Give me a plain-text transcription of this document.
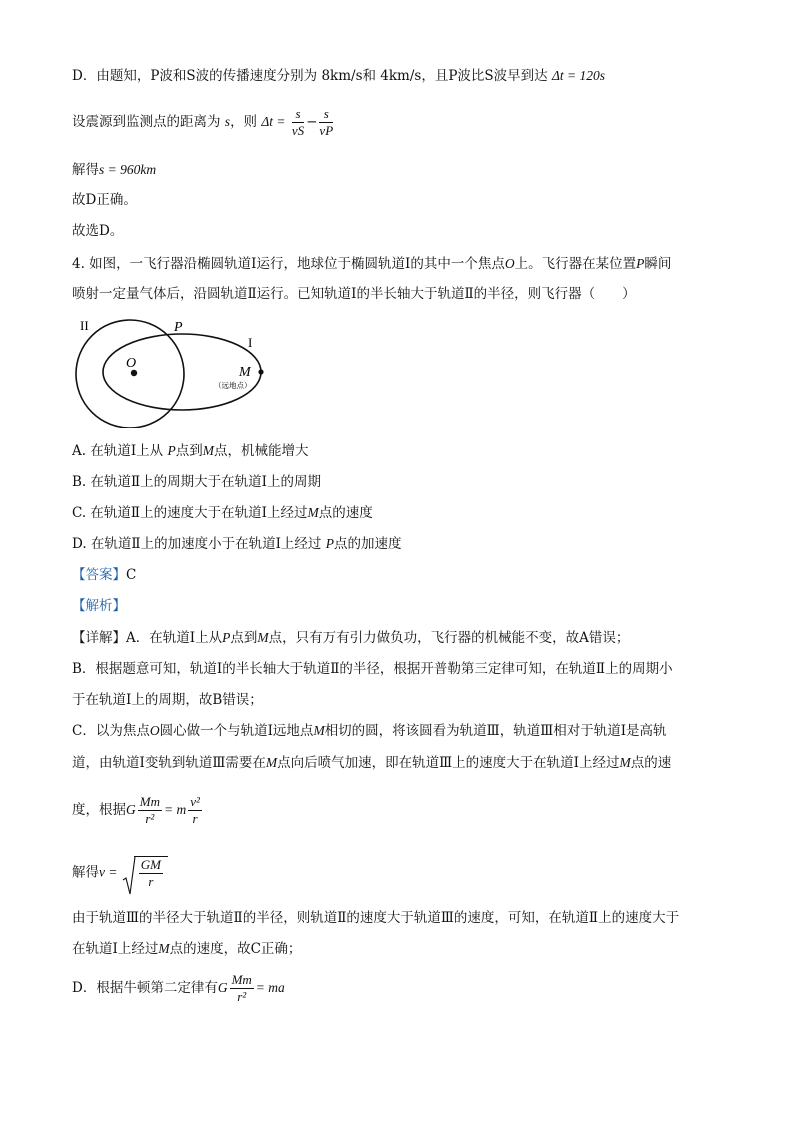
D．由题知，P波和S波的传播速度分别为 8km/s和 4km/s，且P波比S波早到达 Δt = 120s
设震源到监测点的距离为 s，则 $\Delta t = \frac{s}{vS} - \frac{s}{vP}$
解得s = 960km
故D正确。
故选D。
4. 如图，一飞行器沿椭圆轨道Ⅰ运行，地球位于椭圆轨道Ⅰ的其中一个焦点O上。飞行器在某位置P瞬间
喷射一定量气体后，沿圆轨道Ⅱ运行。已知轨道Ⅰ的半长轴大于轨道Ⅱ的半径，则飞行器（　　）
II	P
I
O
M
（远地点）
A. 在轨道Ⅰ上从 P点到M点，机械能增大
B. 在轨道Ⅱ上的周期大于在轨道Ⅰ上的周期
C. 在轨道Ⅱ上的速度大于在轨道Ⅰ上经过M点的速度
D. 在轨道Ⅱ上的加速度小于在轨道Ⅰ上经过 P点的加速度
【答案】C
【解析】
【详解】A．在轨道Ⅰ上从P点到M点，只有万有引力做负功，飞行器的机械能不变，故A错误；
B．根据题意可知，轨道Ⅰ的半长轴大于轨道Ⅱ的半径，根据开普勒第三定律可知，在轨道Ⅱ上的周期小
于在轨道Ⅰ上的周期，故B错误；
C．以为焦点O圆心做一个与轨道Ⅰ远地点M相切的圆，将该圆看为轨道Ⅲ，轨道Ⅲ相对于轨道Ⅰ是高轨
道，由轨道Ⅰ变轨到轨道Ⅲ需要在M点向后喷气加速，即在轨道Ⅲ上的速度大于在轨道Ⅰ上经过M点的速
度，根据G $\frac{Mm}{\text{r²}} = m \frac{\text{v²}}{r}$
解得$v = \frac{GM}{r}$
由于轨道Ⅲ的半径大于轨道Ⅱ的半径，则轨道Ⅱ的速度大于轨道Ⅲ的速度，可知，在轨道Ⅱ上的速度大于
在轨道Ⅰ上经过M点的速度，故C正确；
D．根据牛顿第二定律有G $\frac{Mm}{\text{r²}}$ = ma
